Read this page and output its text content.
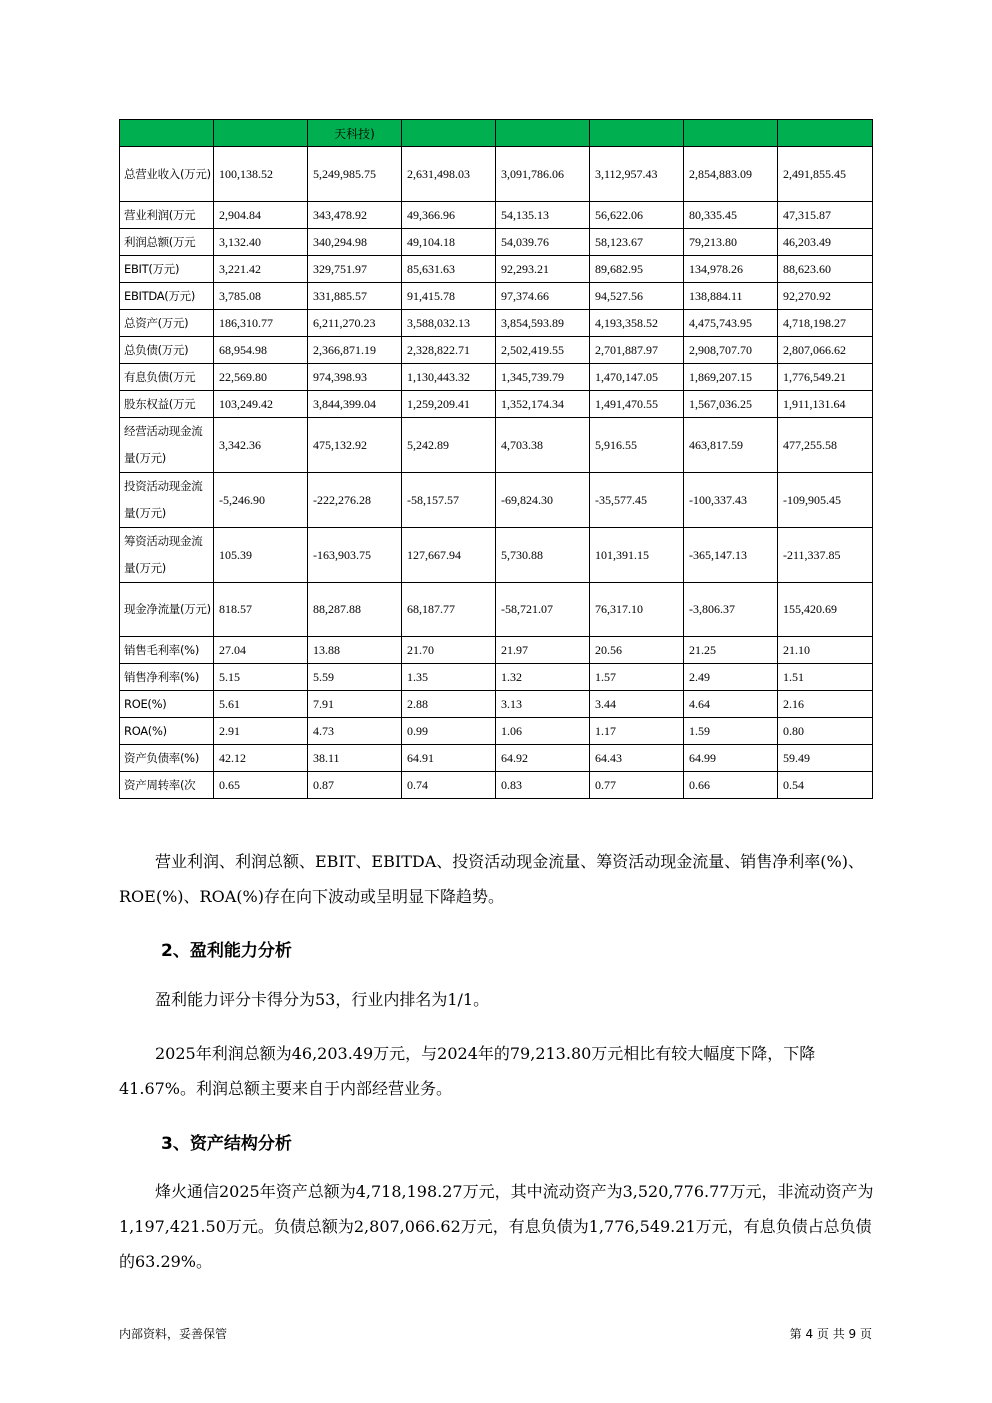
		天科技)					
总营业收入(万元)	100,138.52	5,249,985.75	2,631,498.03	3,091,786.06	3,112,957.43	2,854,883.09	2,491,855.45
营业利润(万元	2,904.84	343,478.92	49,366.96	54,135.13	56,622.06	80,335.45	47,315.87
利润总额(万元	3,132.40	340,294.98	49,104.18	54,039.76	58,123.67	79,213.80	46,203.49
EBIT(万元)	3,221.42	329,751.97	85,631.63	92,293.21	89,682.95	134,978.26	88,623.60
EBITDA(万元)	3,785.08	331,885.57	91,415.78	97,374.66	94,527.56	138,884.11	92,270.92
总资产(万元)	186,310.77	6,211,270.23	3,588,032.13	3,854,593.89	4,193,358.52	4,475,743.95	4,718,198.27
总负债(万元)	68,954.98	2,366,871.19	2,328,822.71	2,502,419.55	2,701,887.97	2,908,707.70	2,807,066.62
有息负债(万元	22,569.80	974,398.93	1,130,443.32	1,345,739.79	1,470,147.05	1,869,207.15	1,776,549.21
股东权益(万元	103,249.42	3,844,399.04	1,259,209.41	1,352,174.34	1,491,470.55	1,567,036.25	1,911,131.64
经营活动现金流量(万元)	3,342.36	475,132.92	5,242.89	4,703.38	5,916.55	463,817.59	477,255.58
投资活动现金流量(万元)	-5,246.90	-222,276.28	-58,157.57	-69,824.30	-35,577.45	-100,337.43	-109,905.45
筹资活动现金流量(万元)	105.39	-163,903.75	127,667.94	5,730.88	101,391.15	-365,147.13	-211,337.85
现金净流量(万元)	818.57	88,287.88	68,187.77	-58,721.07	76,317.10	-3,806.37	155,420.69
销售毛利率(%)	27.04	13.88	21.70	21.97	20.56	21.25	21.10
销售净利率(%)	5.15	5.59	1.35	1.32	1.57	2.49	1.51
ROE(%)	5.61	7.91	2.88	3.13	3.44	4.64	2.16
ROA(%)	2.91	4.73	0.99	1.06	1.17	1.59	0.80
资产负债率(%)	42.12	38.11	64.91	64.92	64.43	64.99	59.49
资产周转率(次	0.65	0.87	0.74	0.83	0.77	0.66	0.54

营业利润、利润总额、EBIT、EBITDA、投资活动现金流量、筹资活动现金流量、销售净利率(%)、ROE(%)、ROA(%)存在向下波动或呈明显下降趋势。

2、盈利能力分析

盈利能力评分卡得分为53，行业内排名为1/1。

2025年利润总额为46,203.49万元，与2024年的79,213.80万元相比有较大幅度下降，下降41.67%。利润总额主要来自于内部经营业务。

3、资产结构分析

烽火通信2025年资产总额为4,718,198.27万元，其中流动资产为3,520,776.77万元，非流动资产为1,197,421.50万元。负债总额为2,807,066.62万元，有息负债为1,776,549.21万元，有息负债占总负债的63.29%。

内部资料，妥善保管	第 4 页 共 9 页
